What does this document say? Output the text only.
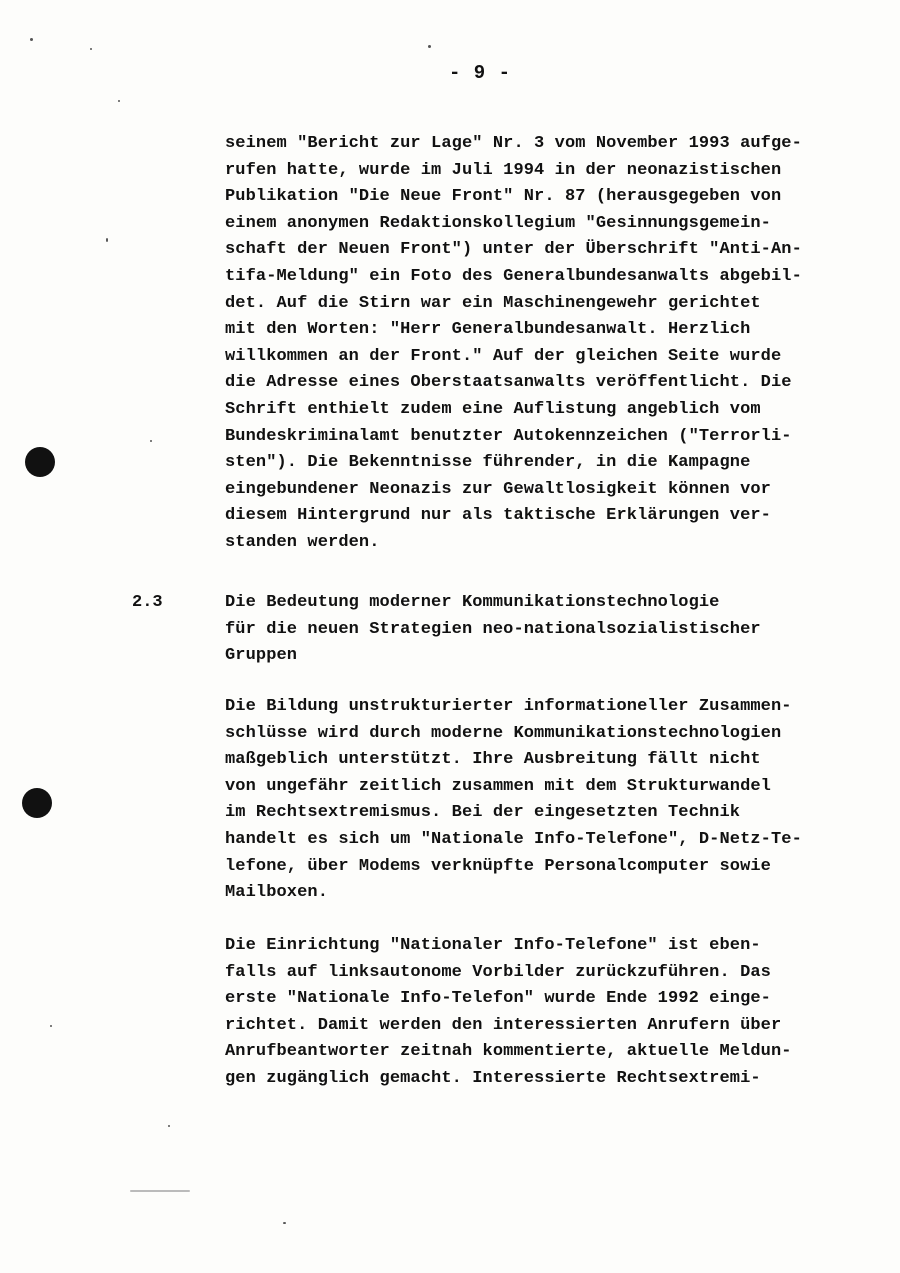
- 9 -
seinem "Bericht zur Lage" Nr. 3 vom November 1993 aufge-
rufen hatte, wurde im Juli 1994 in der neonazistischen
Publikation "Die Neue Front" Nr. 87 (herausgegeben von
einem anonymen Redaktionskollegium "Gesinnungsgemein-
schaft der Neuen Front") unter der Überschrift "Anti-An-
tifa-Meldung" ein Foto des Generalbundesanwalts abgebil-
det. Auf die Stirn war ein Maschinengewehr gerichtet
mit den Worten: "Herr Generalbundesanwalt. Herzlich
willkommen an der Front." Auf der gleichen Seite wurde
die Adresse eines Oberstaatsanwalts veröffentlicht. Die
Schrift enthielt zudem eine Auflistung angeblich vom
Bundeskriminalamt benutzter Autokennzeichen ("Terrorli-
sten"). Die Bekenntnisse führender, in die Kampagne
eingebundener Neonazis zur Gewaltlosigkeit können vor
diesem Hintergrund nur als taktische Erklärungen ver-
standen werden.
2.3	Die Bedeutung moderner Kommunikationstechnologie
für die neuen Strategien neo-nationalsozialistischer
Gruppen
Die Bildung unstrukturierter informationeller Zusammen-
schlüsse wird durch moderne Kommunikationstechnologien
maßgeblich unterstützt. Ihre Ausbreitung fällt nicht
von ungefähr zeitlich zusammen mit dem Strukturwandel
im Rechtsextremismus. Bei der eingesetzten Technik
handelt es sich um "Nationale Info-Telefone", D-Netz-Te-
lefone, über Modems verknüpfte Personalcomputer sowie
Mailboxen.
Die Einrichtung "Nationaler Info-Telefone" ist eben-
falls auf linksautonome Vorbilder zurückzuführen. Das
erste "Nationale Info-Telefon" wurde Ende 1992 einge-
richtet. Damit werden den interessierten Anrufern über
Anrufbeantworter zeitnah kommentierte, aktuelle Meldun-
gen zugänglich gemacht. Interessierte Rechtsextremi-
